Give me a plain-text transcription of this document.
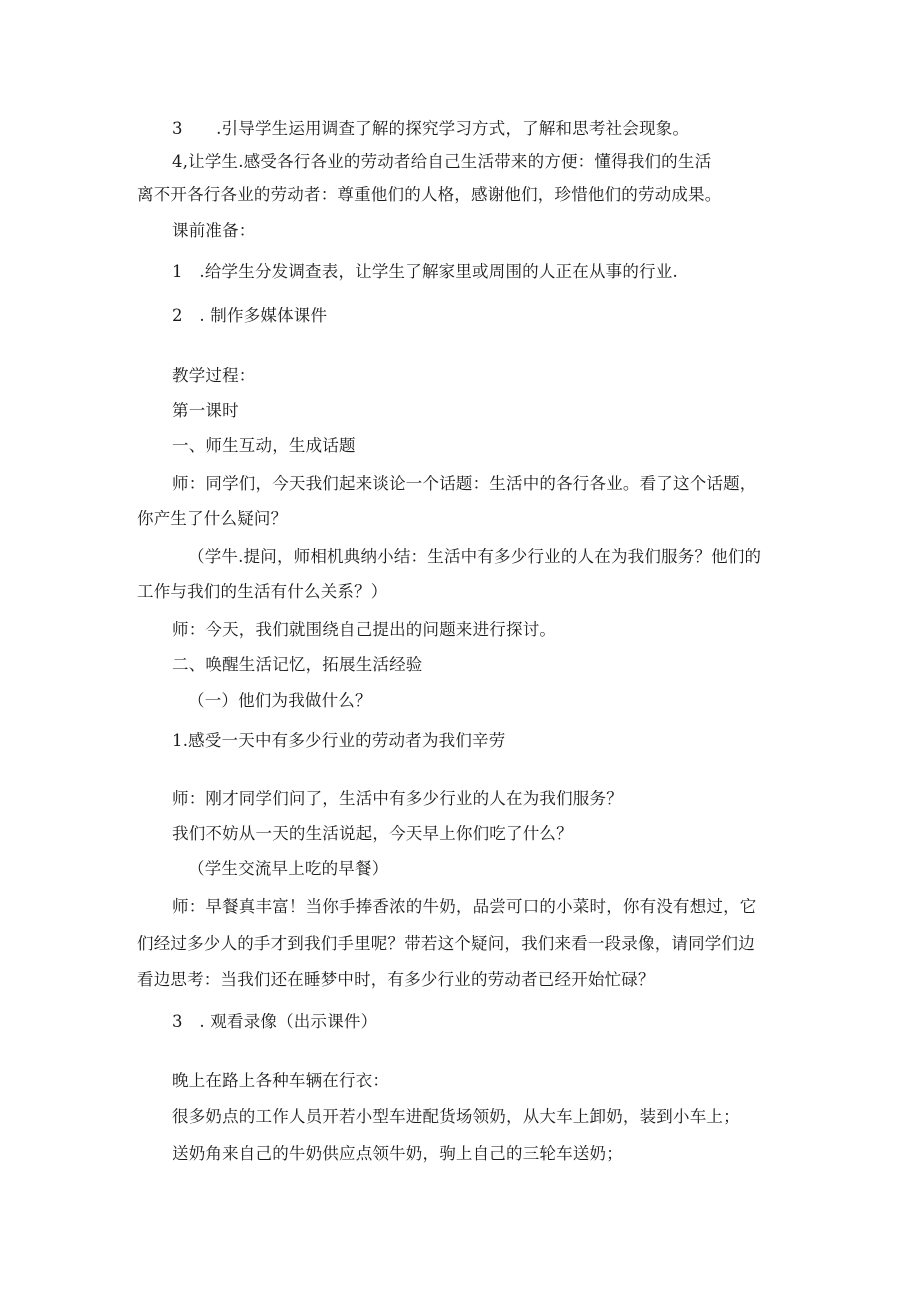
3　　.引导学生运用调查了解的探究学习方式，了解和思考社会现象。
4,让学生.感受各行各业的劳动者给自己生活带来的方便：懂得我们的生活
离不开各行各业的劳动者：尊重他们的人格，感谢他们，珍惜他们的劳动成果。
课前准备：
1　.给学生分发调查表，让学生了解家里或周围的人正在从事的行业.
2　. 制作多媒体课件
教学过程：
第一课时
一、师生互动，生成话题
师：同学们，今天我们起来谈论一个话题：生活中的各行各业。看了这个话题，
你产生了什么疑问？
（学牛.提问，师相机典纳小结：生活中有多少行业的人在为我们服务？他们的
工作与我们的生活有什么关系？）
师：今天，我们就围绕自己提出的问题来进行探讨。
二、唤醒生活记忆，拓展生活经验
（一）他们为我做什么？
1.感受一天中有多少行业的劳动者为我们辛劳
师：刚才同学们问了，生活中有多少行业的人在为我们服务？
我们不妨从一天的生活说起，今天早上你们吃了什么？
（学生交流早上吃的早餐）
师：早餐真丰富！当你手捧香浓的牛奶，品尝可口的小菜时，你有没有想过，它
们经过多少人的手才到我们手里呢？带若这个疑问，我们来看一段录像，请同学们边
看边思考：当我们还在睡梦中时，有多少行业的劳动者已经开始忙碌？
3　. 观看录像（出示课件）
晚上在路上各种车辆在行衣：
很多奶点的工作人员开若小型车进配货场领奶，从大车上卸奶，装到小车上；
送奶角来自己的牛奶供应点领牛奶，驹上自己的三轮车送奶；
